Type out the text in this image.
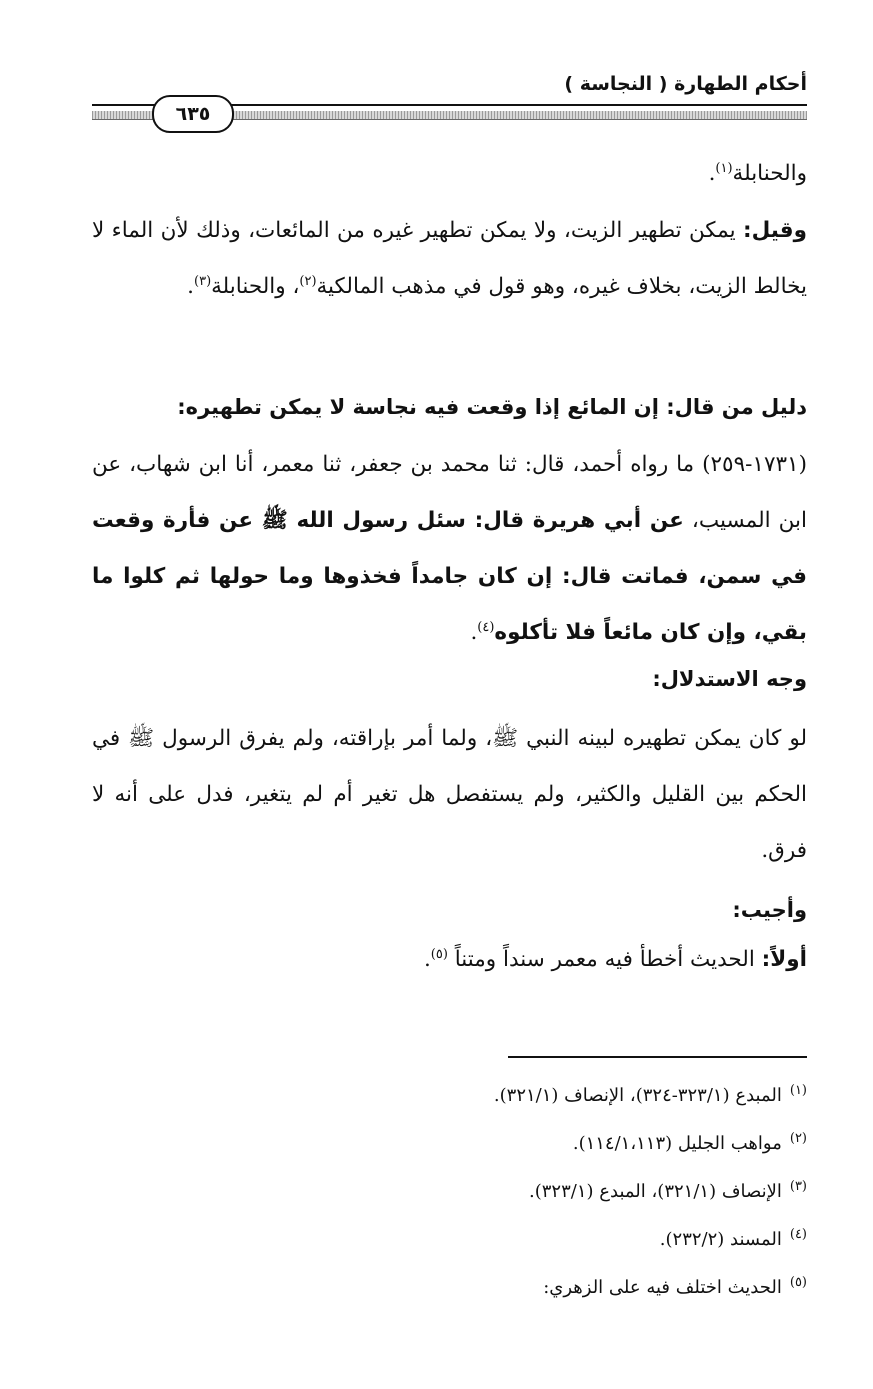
أحكام الطهارة ( النجاسة )
٦٣٥
والحنابلة$^{(١)}$.
وقيل: يمكن تطهير الزيت، ولا يمكن تطهير غيره من المائعات، وذلك لأن الماء لا يخالط الزيت، بخلاف غيره، وهو قول في مذهب المالكية$^{(٢)}$، والحنابلة$^{(٣)}$.
دليل من قال: إن المائع إذا وقعت فيه نجاسة لا يمكن تطهيره:
(١٧٣١-٢٥٩) ما رواه أحمد، قال: ثنا محمد بن جعفر، ثنا معمر، أنا ابن شهاب، عن ابن المسيب، عن أبي هريرة قال: سئل رسول الله ﷺ عن فأرة وقعت في سمن، فماتت قال: إن كان جامداً فخذوها وما حولها ثم كلوا ما بقي، وإن كان مائعاً فلا تأكلوه$^{(٤)}$.
وجه الاستدلال:
لو كان يمكن تطهيره لبينه النبي ﷺ، ولما أمر بإراقته، ولم يفرق الرسول ﷺ في الحكم بين القليل والكثير، ولم يستفصل هل تغير أم لم يتغير، فدل على أنه لا فرق.
وأجيب:
أولاً: الحديث أخطأ فيه معمر سنداً ومتناً $^{(٥)}$.
$^{(١)}$المبدع (٣٢٣/١-٣٢٤)، الإنصاف (٣٢١/١).
$^{(٢)}$مواهب الجليل (١١٤/١،١١٣).
$^{(٣)}$الإنصاف (٣٢١/١)، المبدع (٣٢٣/١).
$^{(٤)}$المسند (٢٣٢/٢).
$^{(٥)}$الحديث اختلف فيه على الزهري:
